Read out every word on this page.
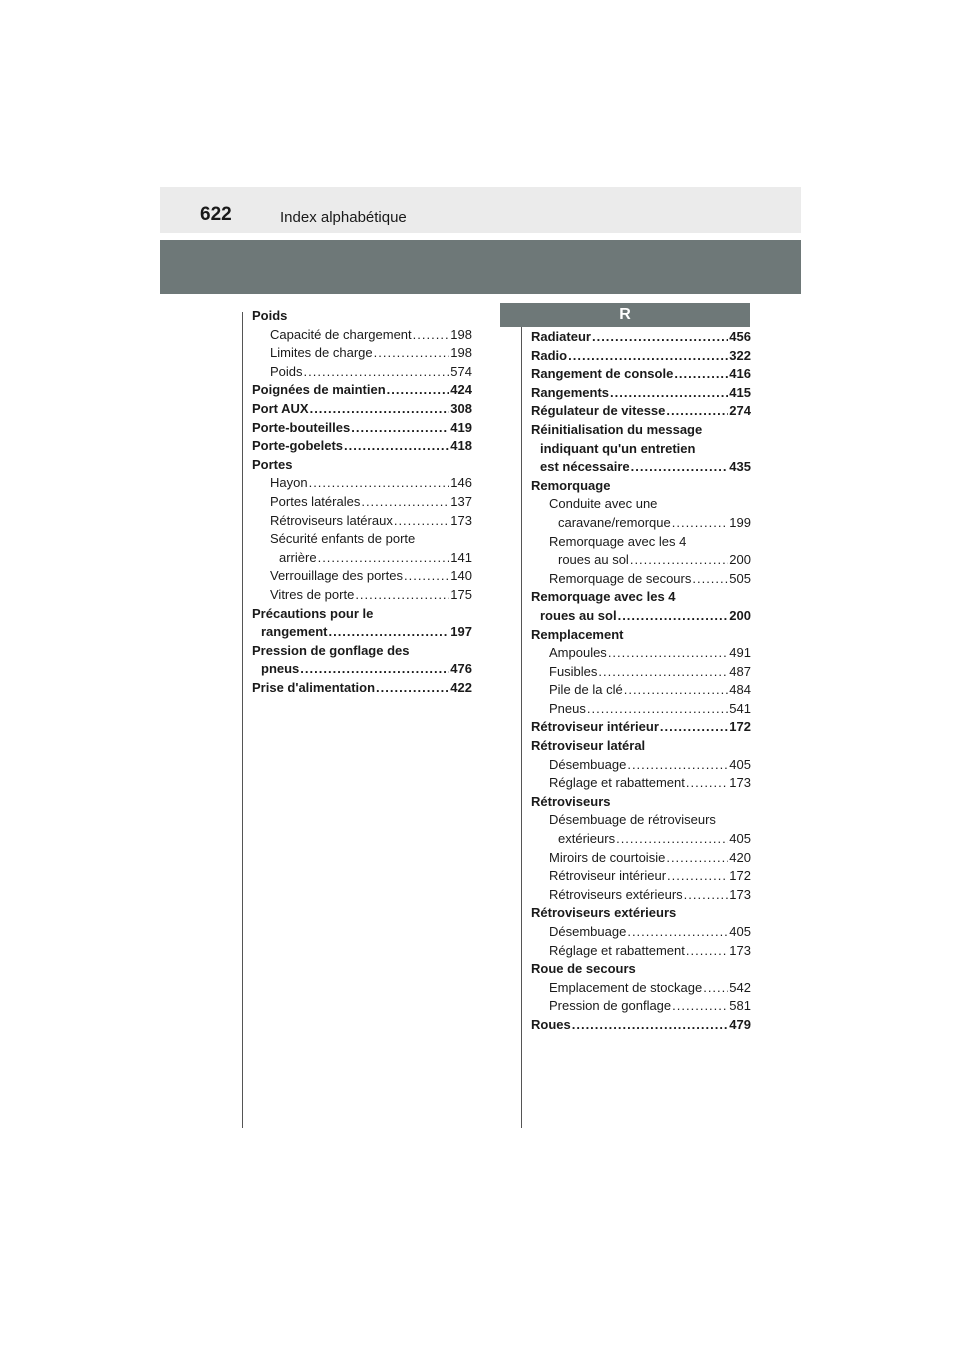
622	Index alphabétique
R
Poids
Capacité de chargement .....	198
Limites de charge .....	198
Poids .....	574
Poignées de maintien .....	424
Port AUX .....	308
Porte-bouteilles .....	419
Porte-gobelets .....	418
Portes
Hayon .....	146
Portes latérales .....	137
Rétroviseurs latéraux .....	173
Sécurité enfants de porte
arrière .....	141
Verrouillage des portes .....	140
Vitres de porte .....	175
Précautions pour le
rangement .....	197
Pression de gonflage des
pneus .....	476
Prise d'alimentation .....	422
Radiateur .....	456
Radio .....	322
Rangement de console .....	416
Rangements .....	415
Régulateur de vitesse .....	274
Réinitialisation du message
indiquant qu'un entretien
est nécessaire .....	435
Remorquage
Conduite avec une
caravane/remorque .....	199
Remorquage avec les 4
roues au sol .....	200
Remorquage de secours .....	505
Remorquage avec les 4
roues au sol .....	200
Remplacement
Ampoules .....	491
Fusibles .....	487
Pile de la clé .....	484
Pneus .....	541
Rétroviseur intérieur .....	172
Rétroviseur latéral
Désembuage .....	405
Réglage et rabattement .....	173
Rétroviseurs
Désembuage de rétroviseurs
extérieurs .....	405
Miroirs de courtoisie .....	420
Rétroviseur intérieur .....	172
Rétroviseurs extérieurs .....	173
Rétroviseurs extérieurs
Désembuage .....	405
Réglage et rabattement .....	173
Roue de secours
Emplacement de stockage ..... 542
Pression de gonflage .....	581
Roues .....	479
